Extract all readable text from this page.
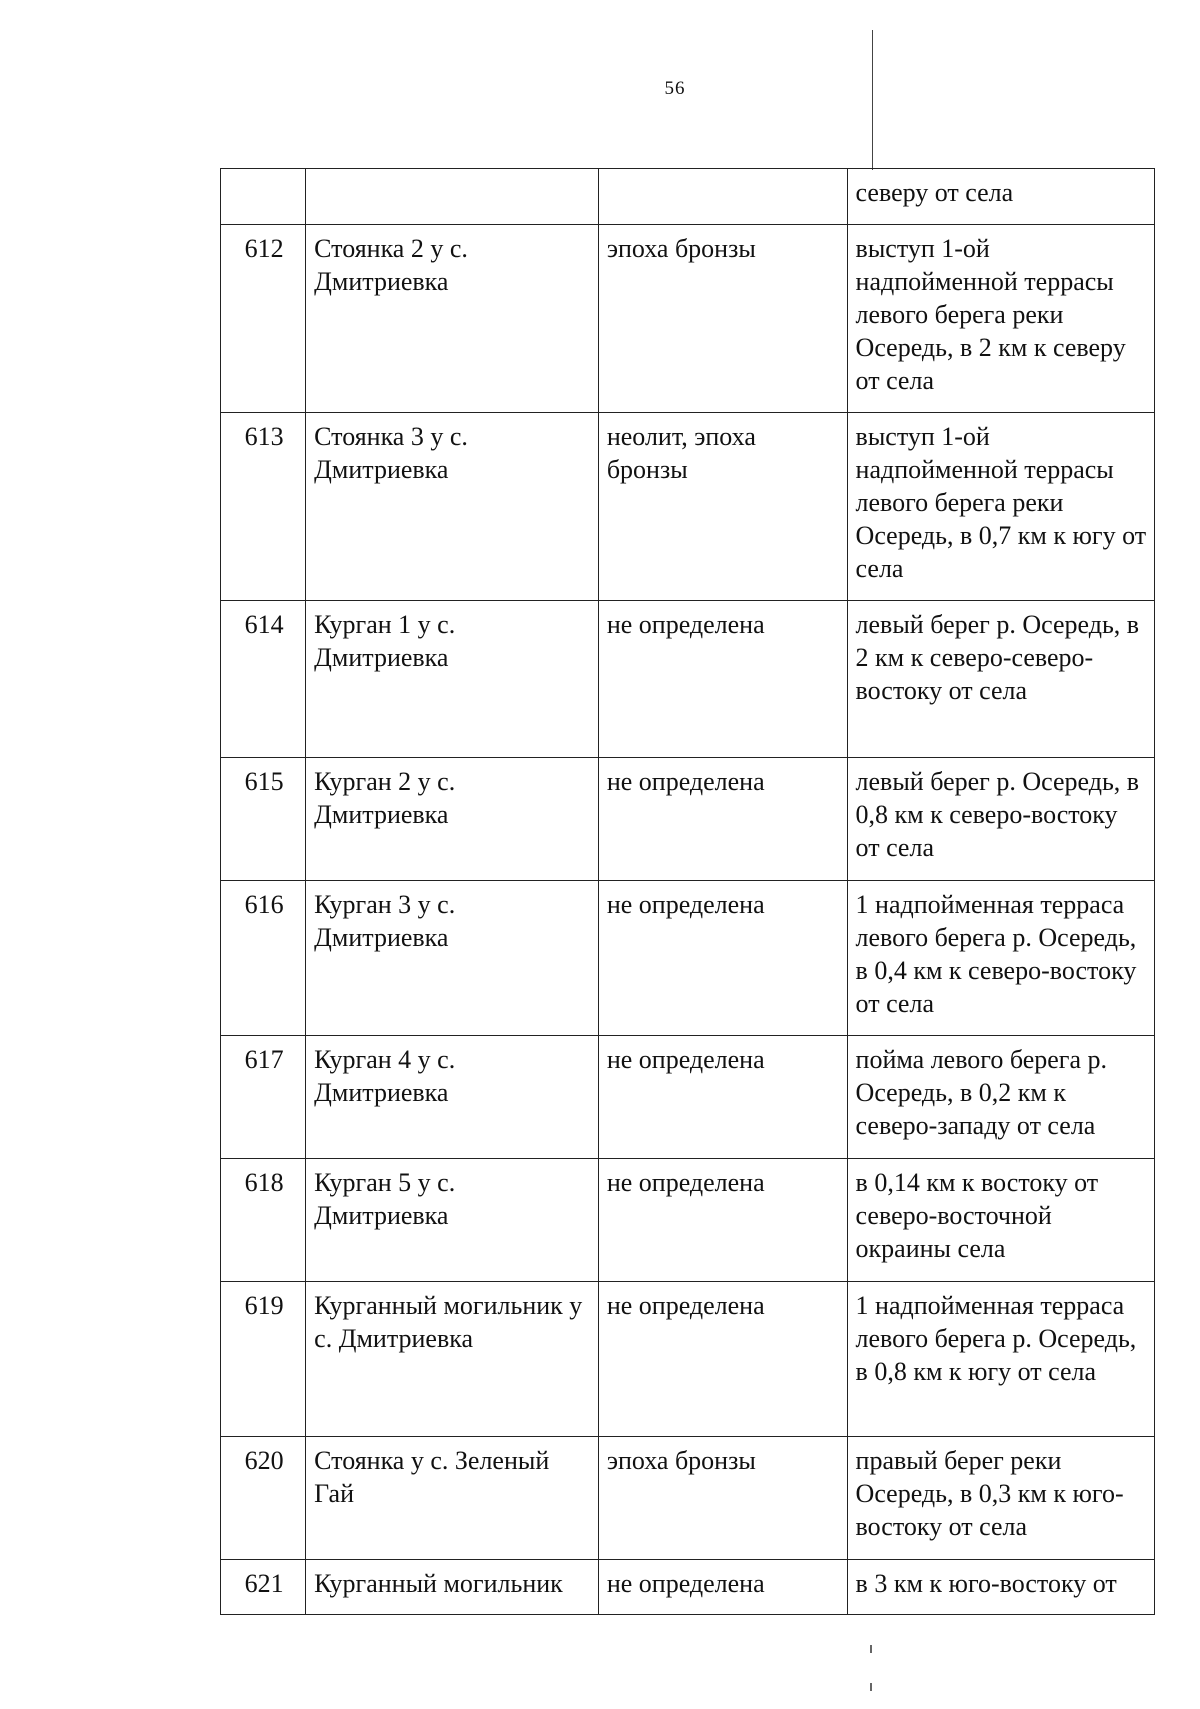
56
			северу от села
612	Стоянка 2 у с. Дмитриевка	эпоха бронзы	выступ 1-ой надпойменной террасы левого берега реки Осередь, в 2 км к северу от села
613	Стоянка 3 у с. Дмитриевка	неолит, эпоха бронзы	выступ 1-ой надпойменной террасы левого берега реки Осередь, в 0,7 км к югу от села
614	Курган 1 у с. Дмитриевка	не определена	левый берег р. Осередь, в 2 км к северо-северо-востоку от села
615	Курган 2 у с. Дмитриевка	не определена	левый берег р. Осередь, в 0,8 км к северо-востоку от села
616	Курган 3 у с. Дмитриевка	не определена	1 надпойменная терраса левого берега р. Осередь, в 0,4 км к северо-востоку от села
617	Курган 4 у с. Дмитриевка	не определена	пойма левого берега р. Осередь, в 0,2 км к северо-западу от села
618	Курган 5 у с. Дмитриевка	не определена	в 0,14 км к востоку от северо-восточной окраины села
619	Курганный могильник у с. Дмитриевка	не определена	1 надпойменная терраса левого берега р. Осередь, в 0,8 км к югу от села
620	Стоянка у с. Зеленый Гай	эпоха бронзы	правый берег реки Осередь, в 0,3 км к юго-востоку от села
621	Курганный могильник	не определена	в 3 км к юго-востоку от
